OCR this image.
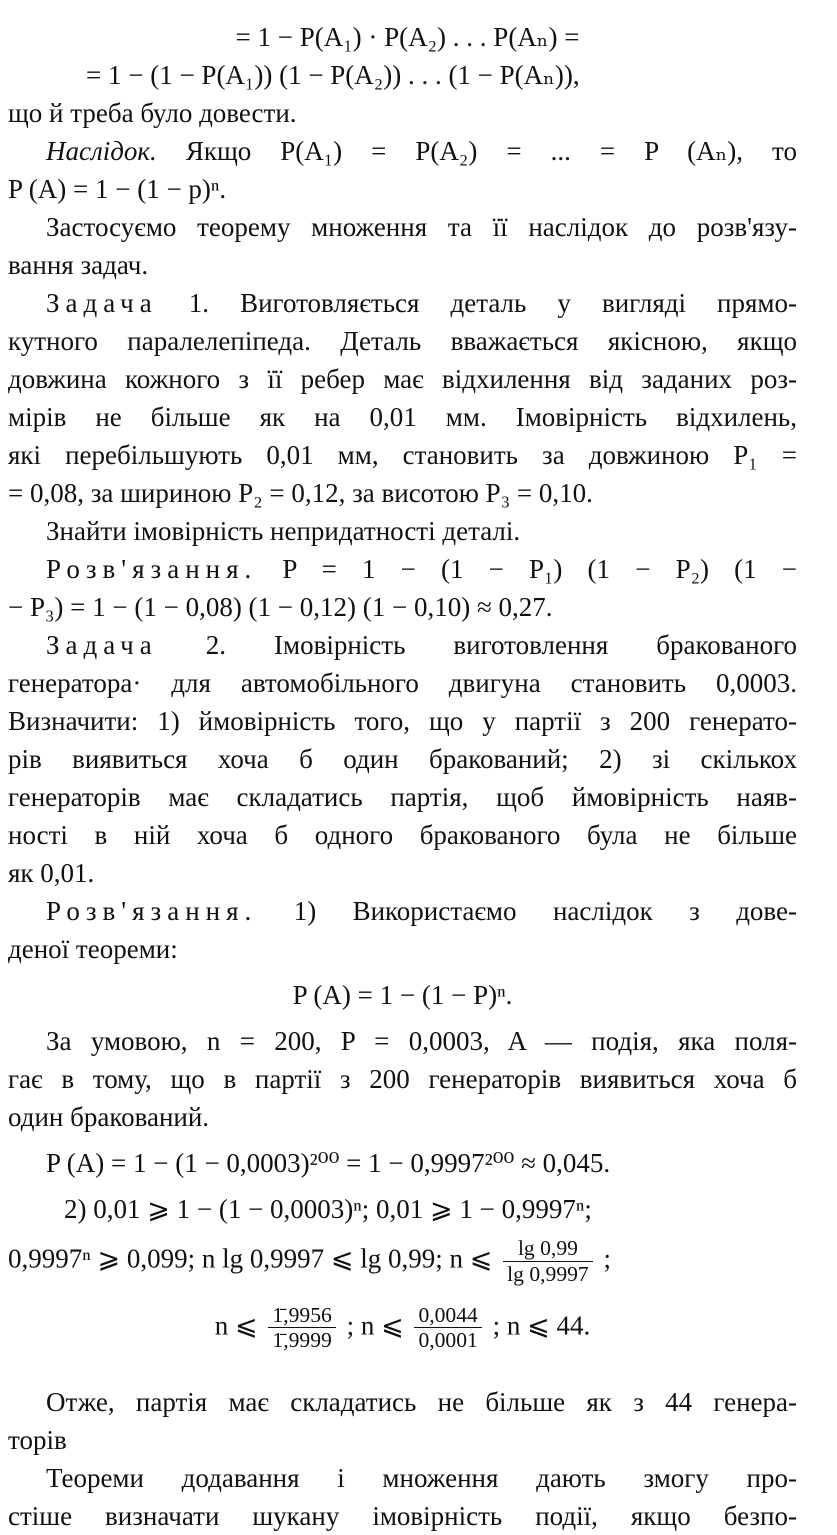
= 1 − P(A₁) · P(A₂) . . . P(Aₙ) =
= 1 − (1 − P(A₁)) (1 − P(A₂)) . . . (1 − P(Aₙ)),
що й треба було довести.
Наслідок. Якщо P(A₁) = P(A₂) = ... = P (Aₙ), то
P (A) = 1 − (1 − p)ⁿ.
Застосуємо теорему множення та її наслідок до розв'язу-
вання задач.
Задача 1. Виготовляється деталь у вигляді прямо-
кутного паралелепіпеда. Деталь вважається якісною, якщо
довжина кожного з її ребер має відхилення від заданих роз-
мірів не більше як на 0,01 мм. Імовірність відхилень,
які перебільшують 0,01 мм, становить за довжиною P₁ =
= 0,08, за шириною P₂ = 0,12, за висотою P₃ = 0,10.
Знайти імовірність непридатності деталі.
Розв'язання. P = 1 − (1 − P₁) (1 − P₂) (1 −
− P₃) = 1 − (1 − 0,08) (1 − 0,12) (1 − 0,10) ≈ 0,27.
Задача 2. Імовірність виготовлення бракованого
генератора· для автомобільного двигуна становить 0,0003.
Визначити: 1) ймовірність того, що у партії з 200 генерато-
рів виявиться хоча б один бракований; 2) зі скількох
генераторів має складатись партія, щоб ймовірність наяв-
ності в ній хоча б одного бракованого була не більше
як 0,01.
Розв'язання. 1) Використаємо наслідок з дове-
деної теореми:
P (A) = 1 − (1 − P)ⁿ.
За умовою, n = 200, P = 0,0003, A — подія, яка поля-
гає в тому, що в партії з 200 генераторів виявиться хоча б
один бракований.
P (A) = 1 − (1 − 0,0003)²⁰⁰ = 1 − 0,9997²⁰⁰ ≈ 0,045.
2) 0,01 ⩾ 1 − (1 − 0,0003)ⁿ; 0,01 ⩾ 1 − 0,9997ⁿ;
0,9997ⁿ ⩾ 0,099; n lg 0,9997 ⩽ lg 0,99; n ⩽ $\frac{\lg 0,99}{\lg 0,9997}$ ;
n ⩽ $\frac{1̄,9956}{1̄,9999}$ ; n ⩽ $\frac{0,0044}{0,0001}$ ; n ⩽ 44.
Отже, партія має складатись не більше як з 44 генера-
торів
Теореми додавання і множення дають змогу про-
стіше визначати шукану імовірність події, якщо безпо-
